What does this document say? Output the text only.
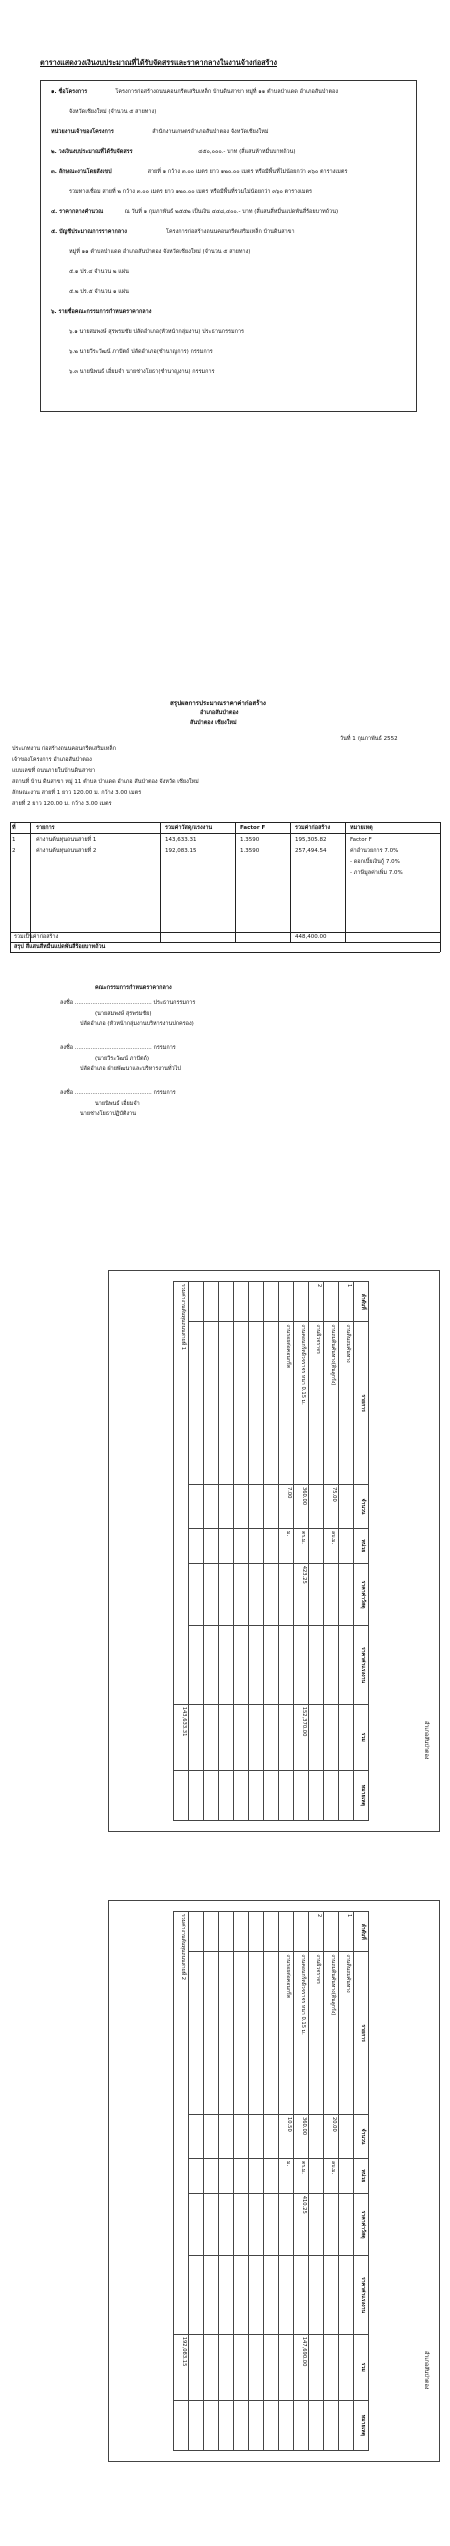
ตารางแสดงวงเงินงบประมาณที่ได้รับจัดสรรและราคากลางในงานจ้างก่อสร้าง
๑. ชื่อโครงการ	โครงการก่อสร้างถนนคอนกรีตเสริมเหล็ก บ้านดินสาขา หมู่ที่ ๑๑ ตำบลป่าแดด อำเภอสันป่าตอง
จังหวัดเชียงใหม่ (จำนวน ๕ สายทาง)
หน่วยงานเจ้าของโครงการ	สำนักงานเกษตรอำเภอสันป่าตอง จังหวัดเชียงใหม่
๒. วงเงินงบประมาณที่ได้รับจัดสรร	๔๕๐,๐๐๐.- บาท (สี่แสนห้าหมื่นบาทถ้วน)
๓. ลักษณะงานโดยสังเขป	สายที่ ๑ กว้าง ๓.๐๐ เมตร ยาว ๑๒๐.๐๐ เมตร หรือมีพื้นที่ไม่น้อยกว่า ๓๖๐ ตารางเมตร
รวมทางเชื่อม สายที่ ๒ กว้าง ๓.๐๐ เมตร ยาว ๑๒๐.๐๐ เมตร หรือมีพื้นที่รวมไม่น้อยกว่า ๓๖๐ ตารางเมตร
๔. ราคากลางคำนวณ	ณ วันที่ ๑ กุมภาพันธ์ ๒๕๕๒ เป็นเงิน ๔๔๘,๔๐๐.- บาท (สี่แสนสี่หมื่นแปดพันสี่ร้อยบาทถ้วน)
๕. บัญชีประมาณการราคากลาง	โครงการก่อสร้างถนนคอนกรีตเสริมเหล็ก บ้านดินสาขา
หมู่ที่ ๑๑ ตำบลป่าแดด อำเภอสันป่าตอง จังหวัดเชียงใหม่ (จำนวน ๕ สายทาง)
๕.๑ ปร.๔ จำนวน ๒ แผ่น
๕.๒ ปร.๕ จำนวน ๑ แผ่น
๖. รายชื่อคณะกรรมการกำหนดราคากลาง
๖.๑ นายสมพงษ์ สุรพรมชัย ปลัดอำเภอ(หัวหน้ากลุ่มงาน) ประธานกรรมการ
๖.๒ นายวีระวัฒน์ ภาปัตถ์ ปลัดอำเภอ(ชำนาญการ) กรรมการ
๖.๓ นายนิพนธ์ เอี่ยมจำ นายช่างโยธา(ชำนาญงาน) กรรมการ
สรุปผลการประมาณราคาค่าก่อสร้าง
อำเภอสันป่าตอง
สันป่าตอง เชียงใหม่
วันที่ 1 กุมภาพันธ์ 2552
คณะกรรมการกำหนดราคากลาง
ประเภทงาน ก่อสร้างถนนคอนกรีตเสริมเหล็ก
เจ้าของโครงการ อำเภอสันป่าตอง
แบบเลขที่ ถนนภายในบ้านดินสาขา
สถานที่ บ้าน ดินสาขา หมู่ 11 ตำบล ป่าแดด อำเภอ สันป่าตอง จังหวัด เชียงใหม่
ลักษณะงาน สายที่ 1 ยาว 120.00 ม. กว้าง 3.00 เมตร
สายที่ 2 ยาว 120.00 ม. กว้าง 3.00 เมตร
ที่	รายการ	รวมค่าวัสดุ/แรงงาน	Factor F	รวมค่าก่อสร้าง	หมายเหตุ
1	ค่างานต้นทุนถนนสายที่ 1	143,633.31	1.3590	195,305.82	Factor F
2	ค่างานต้นทุนถนนสายที่ 2	192,083.15	1.3590	257,494.54	ค่าอำนวยการ 7.0%
- ดอกเบี้ยเงินกู้ 7.0%
- ภาษีมูลค่าเพิ่ม 7.0%
รวมเป็นค่าก่อสร้าง	448,400.00
สรุป สี่แสนสี่หมื่นแปดพันสี่ร้อยบาทถ้วน
ลงชื่อ ............................................ ประธานกรรมการ
(นายสมพงษ์ สุรพรมชัย)
ปลัดอำเภอ (หัวหน้ากลุ่มงานบริหารงานปกครอง)
ลงชื่อ ............................................ กรรมการ
(นายวีระวัฒน์ ภาปัตถ์)
ปลัดอำเภอ ฝ่ายพัฒนาและบริหารงานทั่วไป
ลงชื่อ ............................................ กรรมการ
นายนิพนธ์ เอี่ยมจำ
นายช่างโยธาปฏิบัติงาน
อำเภอสันป่าตอง
ลำดับที่	รายการ	จำนวน	หน่วย	ราคาค่าวัสดุ	ราคาค่าแรงงาน	รวม	หมายเหตุ
1	งานดินถมคันทาง						
	งานถมดินคันทาง(ดินลูกรัง)	75.00	ลบ.ม.				
2	งานผิวจราจร						
	งานคอนกรีตผิวจราจร หนา 0.15 ม.	360.00	ตร.ม.	423.25		152,370.00	
	งานรอยต่อคอนกรีต	7.00	ม.				

รวมค่างานต้นทุนถนนสายที่ 1						143,633.31	
อำเภอสันป่าตอง
ลำดับที่	รายการ	จำนวน	หน่วย	ราคาค่าวัสดุ	ราคาค่าแรงงาน	รวม	หมายเหตุ
1	งานดินถมคันทาง						
	งานถมดินคันทาง(ดินลูกรัง)	20.00	ลบ.ม.				
2	งานผิวจราจร						
	งานคอนกรีตผิวจราจร หนา 0.15 ม.	360.00	ตร.ม.	410.25		147,690.00	
	งานรอยต่อคอนกรีต	10.50	ม.				

รวมค่างานต้นทุนถนนสายที่ 2						192,083.15	
